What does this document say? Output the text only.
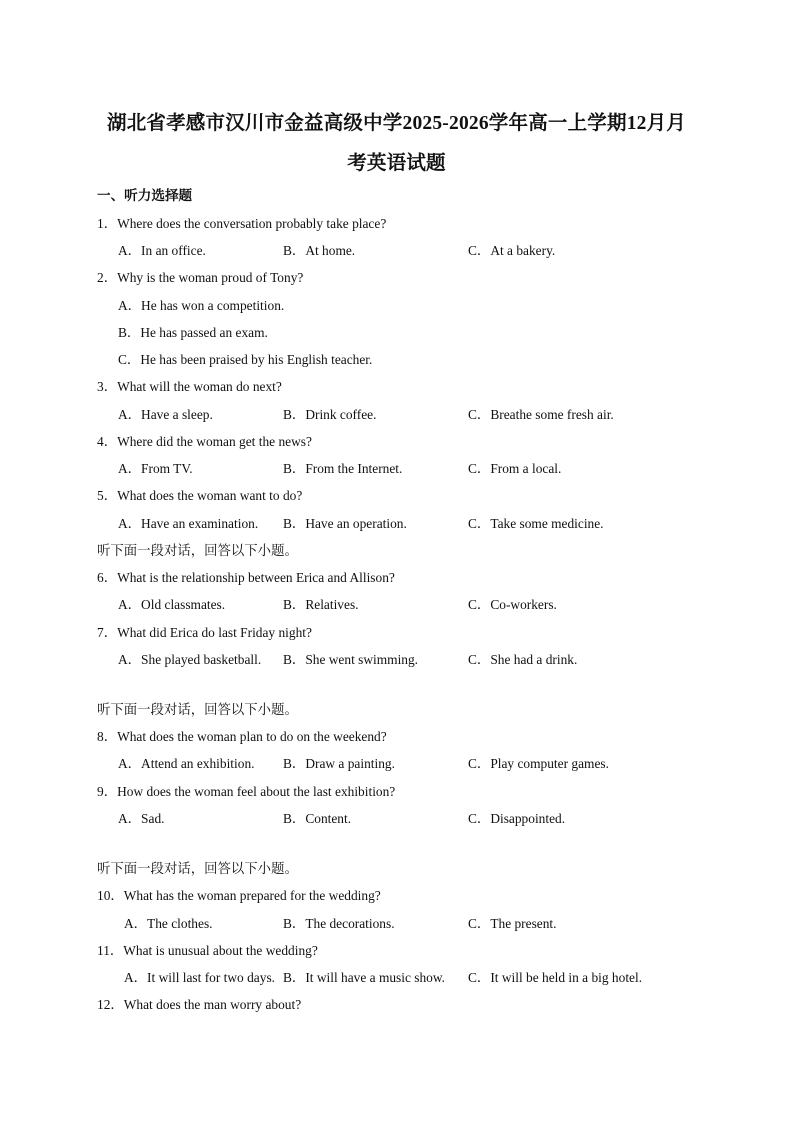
湖北省孝感市汉川市金益高级中学2025-2026学年高一上学期12月月
考英语试题
一、听力选择题
1．Where does the conversation probably take place?
A．In an office.	B．At home.	C．At a bakery.
2．Why is the woman proud of Tony?
A．He has won a competition.
B．He has passed an exam.
C．He has been praised by his English teacher.
3．What will the woman do next?
A．Have a sleep.	B．Drink coffee.	C．Breathe some fresh air.
4．Where did the woman get the news?
A．From TV.	B．From the Internet.	C．From a local.
5．What does the woman want to do?
A．Have an examination. B．Have an operation.	C．Take some medicine.
听下面一段对话，回答以下小题。
6．What is the relationship between Erica and Allison?
A．Old classmates.	B．Relatives.	C．Co-workers.
7．What did Erica do last Friday night?
A．She played basketball. B．She went swimming.	C．She had a drink.
听下面一段对话，回答以下小题。
8．What does the woman plan to do on the weekend?
A．Attend an exhibition. B．Draw a painting.	C．Play computer games.
9．How does the woman feel about the last exhibition?
A．Sad.	B．Content.	C．Disappointed.
听下面一段对话，回答以下小题。
10．What has the woman prepared for the wedding?
A．The clothes.	B．The decorations.	C．The present.
11．What is unusual about the wedding?
A．It will last for two days. B．It will have a music show. C．It will be held in a big hotel.
12．What does the man worry about?
